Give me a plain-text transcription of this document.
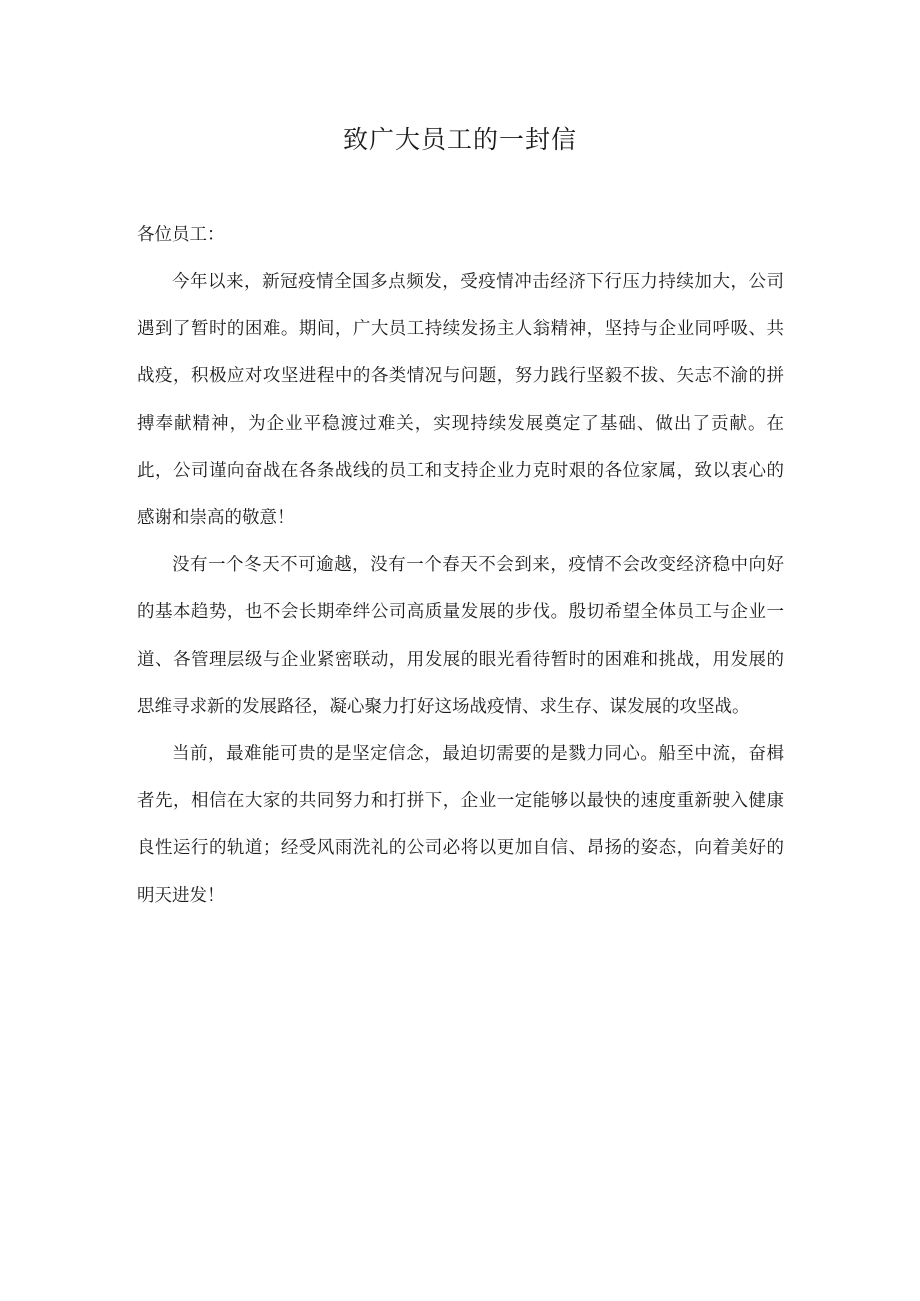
致广大员工的一封信

各位员工：

今年以来，新冠疫情全国多点频发，受疫情冲击经济下行压力持续加大，公司遇到了暂时的困难。期间，广大员工持续发扬主人翁精神，坚持与企业同呼吸、共战疫，积极应对攻坚进程中的各类情况与问题，努力践行坚毅不拔、矢志不渝的拼搏奉献精神，为企业平稳渡过难关，实现持续发展奠定了基础、做出了贡献。在此，公司谨向奋战在各条战线的员工和支持企业力克时艰的各位家属，致以衷心的感谢和崇高的敬意！

没有一个冬天不可逾越，没有一个春天不会到来，疫情不会改变经济稳中向好的基本趋势，也不会长期牵绊公司高质量发展的步伐。殷切希望全体员工与企业一道、各管理层级与企业紧密联动，用发展的眼光看待暂时的困难和挑战，用发展的思维寻求新的发展路径，凝心聚力打好这场战疫情、求生存、谋发展的攻坚战。

当前，最难能可贵的是坚定信念，最迫切需要的是戮力同心。船至中流，奋楫者先，相信在大家的共同努力和打拼下，企业一定能够以最快的速度重新驶入健康良性运行的轨道；经受风雨洗礼的公司必将以更加自信、昂扬的姿态，向着美好的明天进发！
